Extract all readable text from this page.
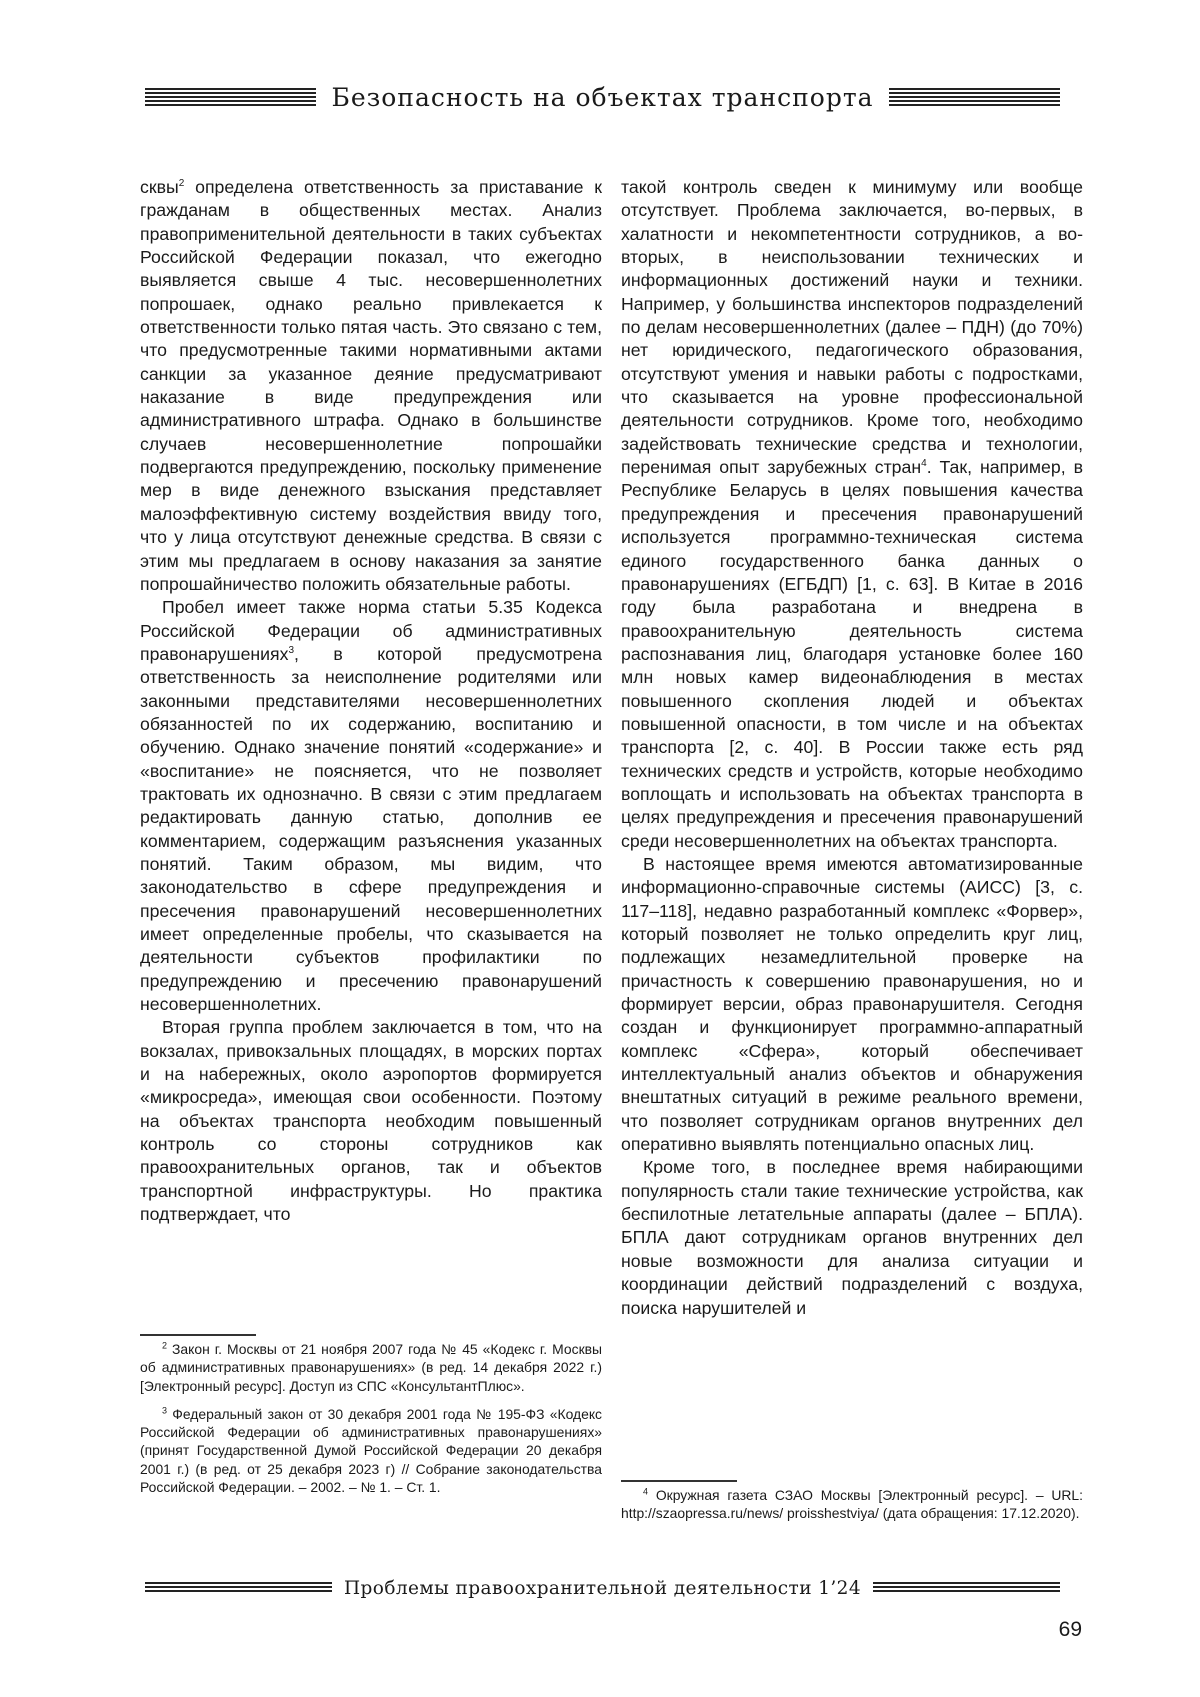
Безопасность на объектах транспорта

сквы$^2$ определена ответственность за приставание к гражданам в общественных местах. Анализ правоприменительной деятельности в таких субъектах Российской Федерации показал, что ежегодно выявляется свыше 4 тыс. несовершеннолетних попрошаек, однако реально привлекается к ответственности только пятая часть. Это связано с тем, что предусмотренные такими нормативными актами санкции за указанное деяние предусматривают наказание в виде предупреждения или административного штрафа. Однако в большинстве случаев несовершеннолетние попрошайки подвергаются предупреждению, поскольку применение мер в виде денежного взыскания представляет малоэффективную систему воздействия ввиду того, что у лица отсутствуют денежные средства. В связи с этим мы предлагаем в основу наказания за занятие попрошайничество положить обязательные работы.

Пробел имеет также норма статьи 5.35 Кодекса Российской Федерации об административных правонарушениях$^3$, в которой предусмотрена ответственность за неисполнение родителями или законными представителями несовершеннолетних обязанностей по их содержанию, воспитанию и обучению. Однако значение понятий «содержание» и «воспитание» не поясняется, что не позволяет трактовать их однозначно. В связи с этим предлагаем редактировать данную статью, дополнив ее комментарием, содержащим разъяснения указанных понятий. Таким образом, мы видим, что законодательство в сфере предупреждения и пресечения правонарушений несовершеннолетних имеет определенные пробелы, что сказывается на деятельности субъектов профилактики по предупреждению и пресечению правонарушений несовершеннолетних.

Вторая группа проблем заключается в том, что на вокзалах, привокзальных площадях, в морских портах и на набережных, около аэропортов формируется «микросреда», имеющая свои особенности. Поэтому на объектах транспорта необходим повышенный контроль со стороны сотрудников как правоохранительных органов, так и объектов транспортной инфраструктуры. Но практика подтверждает, что

такой контроль сведен к минимуму или вообще отсутствует. Проблема заключается, во-первых, в халатности и некомпетентности сотрудников, а во-вторых, в неиспользовании технических и информационных достижений науки и техники. Например, у большинства инспекторов подразделений по делам несовершеннолетних (далее – ПДН) (до 70%) нет юридического, педагогического образования, отсутствуют умения и навыки работы с подростками, что сказывается на уровне профессиональной деятельности сотрудников. Кроме того, необходимо задействовать технические средства и технологии, перенимая опыт зарубежных стран$^4$. Так, например, в Республике Беларусь в целях повышения качества предупреждения и пресечения правонарушений используется программно-техническая система единого государственного банка данных о правонарушениях (ЕГБДП) [1, с. 63]. В Китае в 2016 году была разработана и внедрена в правоохранительную деятельность система распознавания лиц, благодаря установке более 160 млн новых камер видеонаблюдения в местах повышенного скопления людей и объектах повышенной опасности, в том числе и на объектах транспорта [2, с. 40]. В России также есть ряд технических средств и устройств, которые необходимо воплощать и использовать на объектах транспорта в целях предупреждения и пресечения правонарушений среди несовершеннолетних на объектах транспорта.

В настоящее время имеются автоматизированные информационно-справочные системы (АИСС) [3, с. 117–118], недавно разработанный комплекс «Форвер», который позволяет не только определить круг лиц, подлежащих незамедлительной проверке на причастность к совершению правонарушения, но и формирует версии, образ правонарушителя. Сегодня создан и функционирует программно-аппаратный комплекс «Сфера», который обеспечивает интеллектуальный анализ объектов и обнаружения внештатных ситуаций в режиме реального времени, что позволяет сотрудникам органов внутренних дел оперативно выявлять потенциально опасных лиц.

Кроме того, в последнее время набирающими популярность стали такие технические устройства, как беспилотные летательные аппараты (далее – БПЛА). БПЛА дают сотрудникам органов внутренних дел новые возможности для анализа ситуации и координации действий подразделений с воздуха, поиска нарушителей и

$^2$ Закон г. Москвы от 21 ноября 2007 года № 45 «Кодекс г. Москвы об административных правонарушениях» (в ред. 14 декабря 2022 г.) [Электронный ресурс]. Доступ из СПС «КонсультантПлюс».

$^3$ Федеральный закон от 30 декабря 2001 года № 195-ФЗ «Кодекс Российской Федерации об административных правонарушениях» (принят Государственной Думой Российской Федерации 20 декабря 2001 г.) (в ред. от 25 декабря 2023 г) // Собрание законодательства Российской Федерации. – 2002. – № 1. – Ст. 1.	$^4$ Окружная газета СЗАО Москвы [Электронный ресурс]. – URL: http://szaopressa.ru/news/ proisshestviya/ (дата обращения: 17.12.2020).

Проблемы правоохранительной деятельности 1’24
69
